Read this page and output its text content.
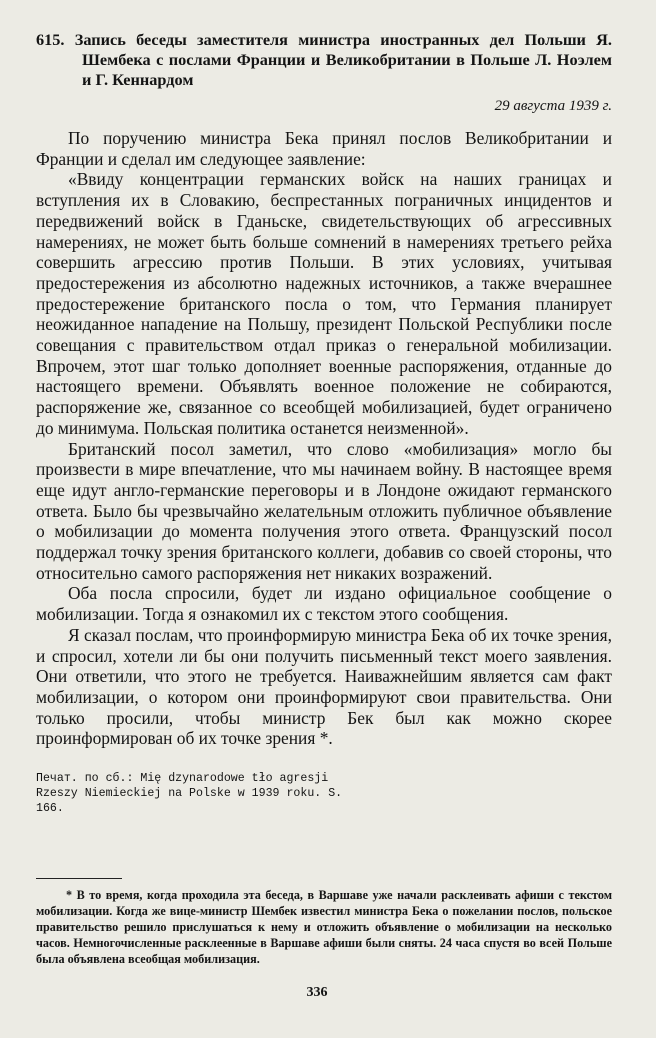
615. Запись беседы заместителя министра иностранных дел Польши Я. Шембека с послами Франции и Великобритании в Польше Л. Ноэлем и Г. Кеннардом
29 августа 1939 г.

По поручению министра Бека принял послов Великобритании и Франции и сделал им следующее заявление:

«Ввиду концентрации германских войск на наших границах и вступления их в Словакию, беспрестанных пограничных инцидентов и передвижений войск в Гданьске, свидетельствующих об агрессивных намерениях, не может быть больше сомнений в намерениях третьего рейха совершить агрессию против Польши. В этих условиях, учитывая предостережения из абсолютно надежных источников, а также вчерашнее предостережение британского посла о том, что Германия планирует неожиданное нападение на Польшу, президент Польской Республики после совещания с правительством отдал приказ о генеральной мобилизации. Впрочем, этот шаг только дополняет военные распоряжения, отданные до настоящего времени. Объявлять военное положение не собираются, распоряжение же, связанное со всеобщей мобилизацией, будет ограничено до минимума. Польская политика останется неизменной».

Британский посол заметил, что слово «мобилизация» могло бы произвести в мире впечатление, что мы начинаем войну. В настоящее время еще идут англо-германские переговоры и в Лондоне ожидают германского ответа. Было бы чрезвычайно желательным отложить публичное объявление о мобилизации до момента получения этого ответа. Французский посол поддержал точку зрения британского коллеги, добавив со своей стороны, что относительно самого распоряжения нет никаких возражений.

Оба посла спросили, будет ли издано официальное сообщение о мобилизации. Тогда я ознакомил их с текстом этого сообщения.

Я сказал послам, что проинформирую министра Бека об их точке зрения, и спросил, хотели ли бы они получить письменный текст моего заявления. Они ответили, что этого не требуется. Наиважнейшим является сам факт мобилизации, о котором они проинформируют свои правительства. Они только просили, чтобы министр Бек был как можно скорее проинформирован об их точке зрения *.

Печат. по сб.: Mię dzynarodowe tło agresji Rzeszy Niemieckiej na Polske w 1939 roku. S. 166.

* В то время, когда проходила эта беседа, в Варшаве уже начали расклеивать афиши с текстом мобилизации. Когда же вице-министр Шембек известил министра Бека о пожелании послов, польское правительство решило прислушаться к нему и отложить объявление о мобилизации на несколько часов. Немногочисленные расклеенные в Варшаве афиши были сняты. 24 часа спустя во всей Польше была объявлена всеобщая мобилизация.

336
